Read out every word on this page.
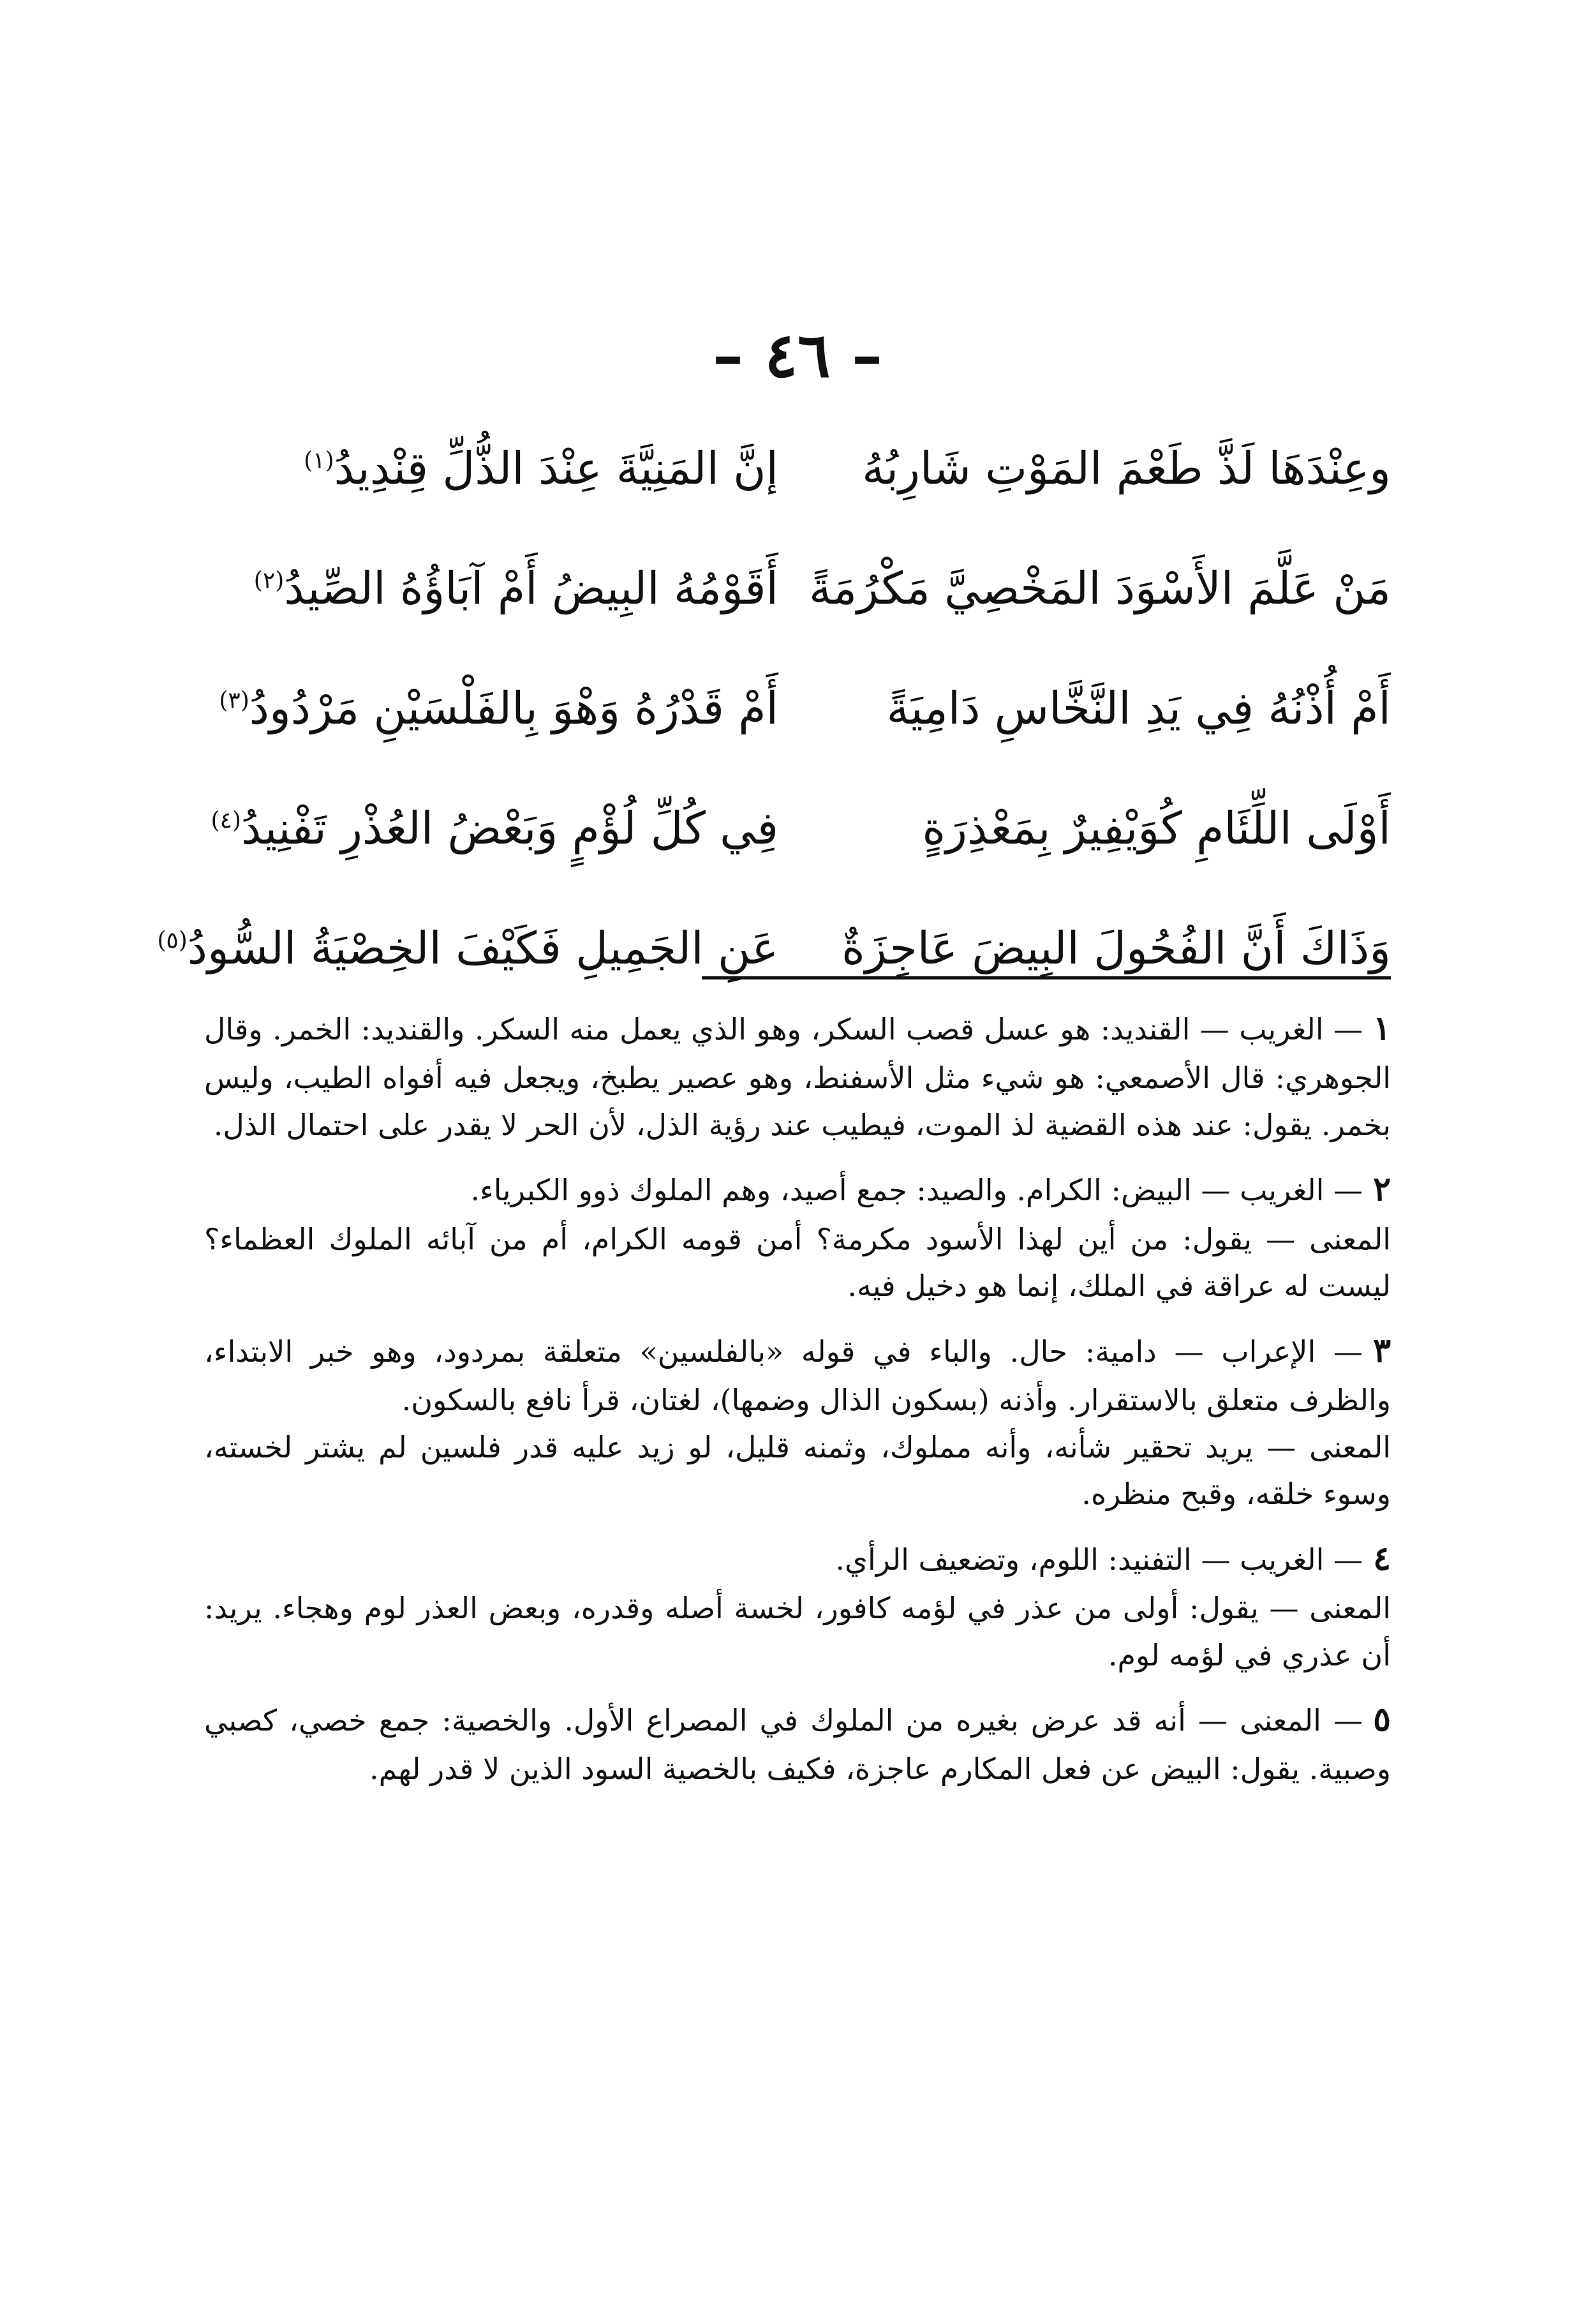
– ٤٦ –
وعِنْدَهَا لَذَّ طَعْمَ المَوْتِ شَارِبُهُ
إنَّ المَنِيَّةَ عِنْدَ الذُّلِّ قِنْدِيدُ$^{(١)}$
مَنْ عَلَّمَ الأَسْوَدَ المَخْصِيَّ مَكْرُمَةً
أَقَوْمُهُ البِيضُ أَمْ آبَاؤُهُ الصِّيدُ$^{(٢)}$
أَمْ أُذْنُهُ فِي يَدِ النَّخَّاسِ دَامِيَةً
أَمْ قَدْرُهُ وَهْوَ بِالفَلْسَيْنِ مَرْدُودُ$^{(٣)}$
أَوْلَى اللِّئَامِ كُوَيْفِيرٌ بِمَعْذِرَةٍ
فِي كُلِّ لُؤْمٍ وَبَعْضُ العُذْرِ تَفْنِيدُ$^{(٤)}$
وَذَاكَ أَنَّ الفُحُولَ البِيضَ عَاجِزَةٌ
عَنِ الجَمِيلِ فَكَيْفَ الخِصْيَةُ السُّودُ$^{(٥)}$

١— الغريب — القنديد: هو عسل قصب السكر، وهو الذي يعمل منه السكر. والقنديد: الخمر. وقال الجوهري: قال الأصمعي: هو شيء مثل الأسفنط، وهو عصير يطبخ، ويجعل فيه أفواه الطيب، وليس بخمر. يقول: عند هذه القضية لذ الموت، فيطيب عند رؤية الذل، لأن الحر لا يقدر على احتمال الذل.

٢— الغريب — البيض: الكرام. والصيد: جمع أصيد، وهم الملوك ذوو الكبرياء.

المعنى — يقول: من أين لهذا الأسود مكرمة؟ أمن قومه الكرام، أم من آبائه الملوك العظماء؟ ليست له عراقة في الملك، إنما هو دخيل فيه.

٣— الإعراب — دامية: حال. والباء في قوله «بالفلسين» متعلقة بمردود، وهو خبر الابتداء، والظرف متعلق بالاستقرار. وأذنه (بسكون الذال وضمها)، لغتان، قرأ نافع بالسكون.

المعنى — يريد تحقير شأنه، وأنه مملوك، وثمنه قليل، لو زيد عليه قدر فلسين لم يشتر لخسته، وسوء خلقه، وقبح منظره.

٤— الغريب — التفنيد: اللوم، وتضعيف الرأي.

المعنى — يقول: أولى من عذر في لؤمه كافور، لخسة أصله وقدره، وبعض العذر لوم وهجاء. يريد: أن عذري في لؤمه لوم.

٥— المعنى — أنه قد عرض بغيره من الملوك في المصراع الأول. والخصية: جمع خصي، كصبي وصبية. يقول: البيض عن فعل المكارم عاجزة، فكيف بالخصية السود الذين لا قدر لهم.
